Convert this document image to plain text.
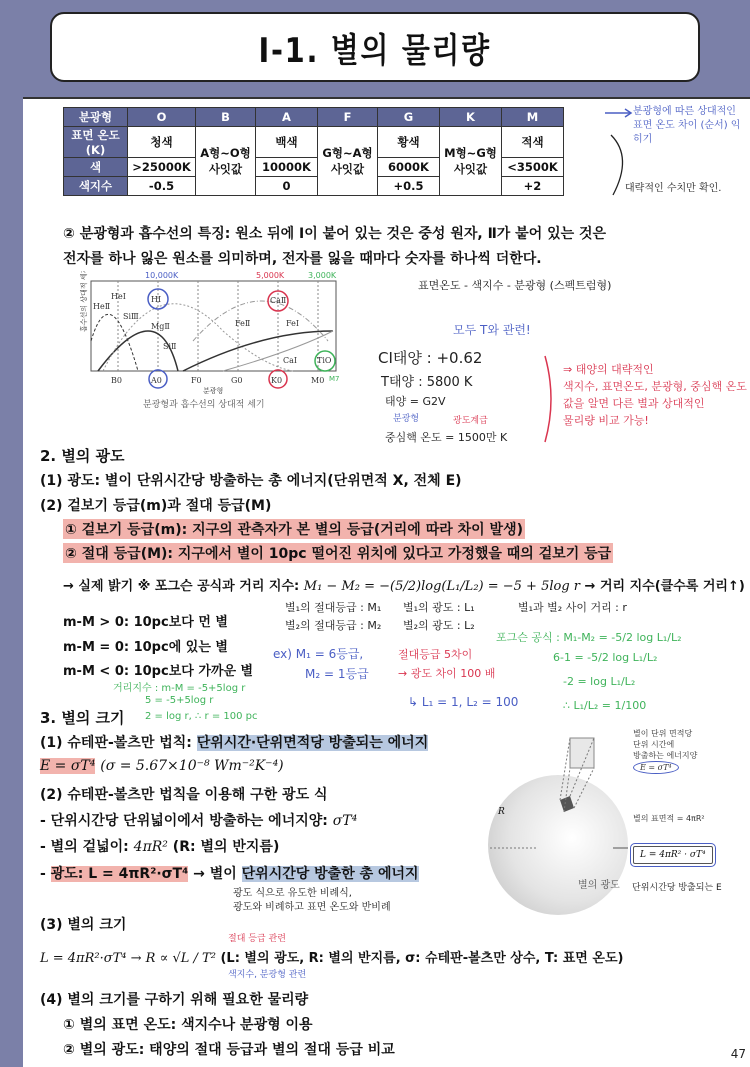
I-1. 별의 물리량
분광형	O	B	A	F	G	K	M
표면 온도(K)	청색	A형~O형 사잇값	백색	G형~A형 사잇값	황색	M형~G형 사잇값	적색
색	>25000K		10000K		6000K		<3500K
색지수	-0.5		0		+0.5		+2
분광형에 따른 상대적인 표면 온도 차이 (순서) 익히기
대략적인 수치만 확인.
② 분광형과 흡수선의 특징: 원소 뒤에 Ⅰ이 붙어 있는 것은 중성 원자, Ⅱ가 붙어 있는 것은
전자를 하나 잃은 원소를 의미하며, 전자를 잃을 때마다 숫자를 하나씩 더한다.
B0	A0	F0	G0	K0	M0
HeⅡ
HeⅠ
SiⅢ
HⅠ
MgⅡ
SiⅡ
FeⅡ	FeⅠ
CaⅡ
CaⅠ TiO
흡수선의 상대적 세기
분광형
분광형과 흡수선의 상대적 세기
10,000K	5,000K	3,000K
M7
표면온도 - 색지수 - 분광형 (스펙트럼형)
모두 T와 관련!
CI태양 : +0.62
T태양 : 5800 K
태양 = G2V
분광형	광도계급
중심핵 온도 = 1500만 K
⇒ 태양의 대략적인
색지수, 표면온도, 분광형, 중심핵 온도
값을 알면 다른 별과 상대적인
물리량 비교 가능!
2. 별의 광도
(1) 광도: 별이 단위시간당 방출하는 총 에너지(단위면적 X, 전체 E)
(2) 겉보기 등급(m)과 절대 등급(M)
① 겉보기 등급(m): 지구의 관측자가 본 별의 등급(거리에 따라 차이 발생)
② 절대 등급(M): 지구에서 별이 10pc 떨어진 위치에 있다고 가정했을 때의 겉보기 등급
→ 실제 밝기 ※ 포그슨 공식과 거리 지수: M₁ − M₂ = −(5/2)log(L₁/L₂) = −5 + 5log r → 거리 지수(클수록 거리↑)
m-M > 0: 10pc보다 먼 별
m-M = 0: 10pc에 있는 별
m-M < 0: 10pc보다 가까운 별
별₁의 절대등급 : M₁
별₂의 절대등급 : M₂
별₁의 광도 : L₁
별₂의 광도 : L₂
별₁과 별₂ 사이 거리 : r
ex) M₁ = 6등급,
M₂ = 1등급
절대등급 5차이
→ 광도 차이 100 배
↳ L₁ = 1, L₂ = 100
포그슨 공식 : M₁-M₂ = -5/2 log L₁/L₂
6-1 = -5/2 log L₁/L₂
-2 = log L₁/L₂
∴ L₁/L₂ = 1/100
거리지수 : m-M = -5+5log r
5 = -5+5log r
2 = log r, ∴ r = 100 pc
3. 별의 크기
(1) 슈테판-볼츠만 법칙: 단위시간·단위면적당 방출되는 에너지
E = σT⁴ (σ = 5.67×10⁻⁸ Wm⁻²K⁻⁴)
(2) 슈테판-볼츠만 법칙을 이용해 구한 광도 식
- 단위시간당 단위넓이에서 방출하는 에너지양: σT⁴
- 별의 겉넓이: 4πR² (R: 별의 반지름)
- 광도: L = 4πR²·σT⁴ → 별이 단위시간당 방출한 총 에너지
광도 식으로 유도한 비례식,
광도와 비례하고 표면 온도와 반비례
(3) 별의 크기
절대 등급 관련
L = 4πR²·σT⁴ → R ∝ √L / T² (L: 별의 광도, R: 별의 반지름, σ: 슈테판-볼츠만 상수, T: 표면 온도)
색지수, 분광형 관련
(4) 별의 크기를 구하기 위해 필요한 물리량
① 별의 표면 온도: 색지수나 분광형 이용
② 별의 광도: 태양의 절대 등급과 별의 절대 등급 비교	47
R
별이 단위 면적당
단위 시간에
방출하는 에너지양
E = σT⁴
별의 표면적 = 4πR²
L = 4πR² · σT⁴
별의 광도 단위시간당 방출되는 E
